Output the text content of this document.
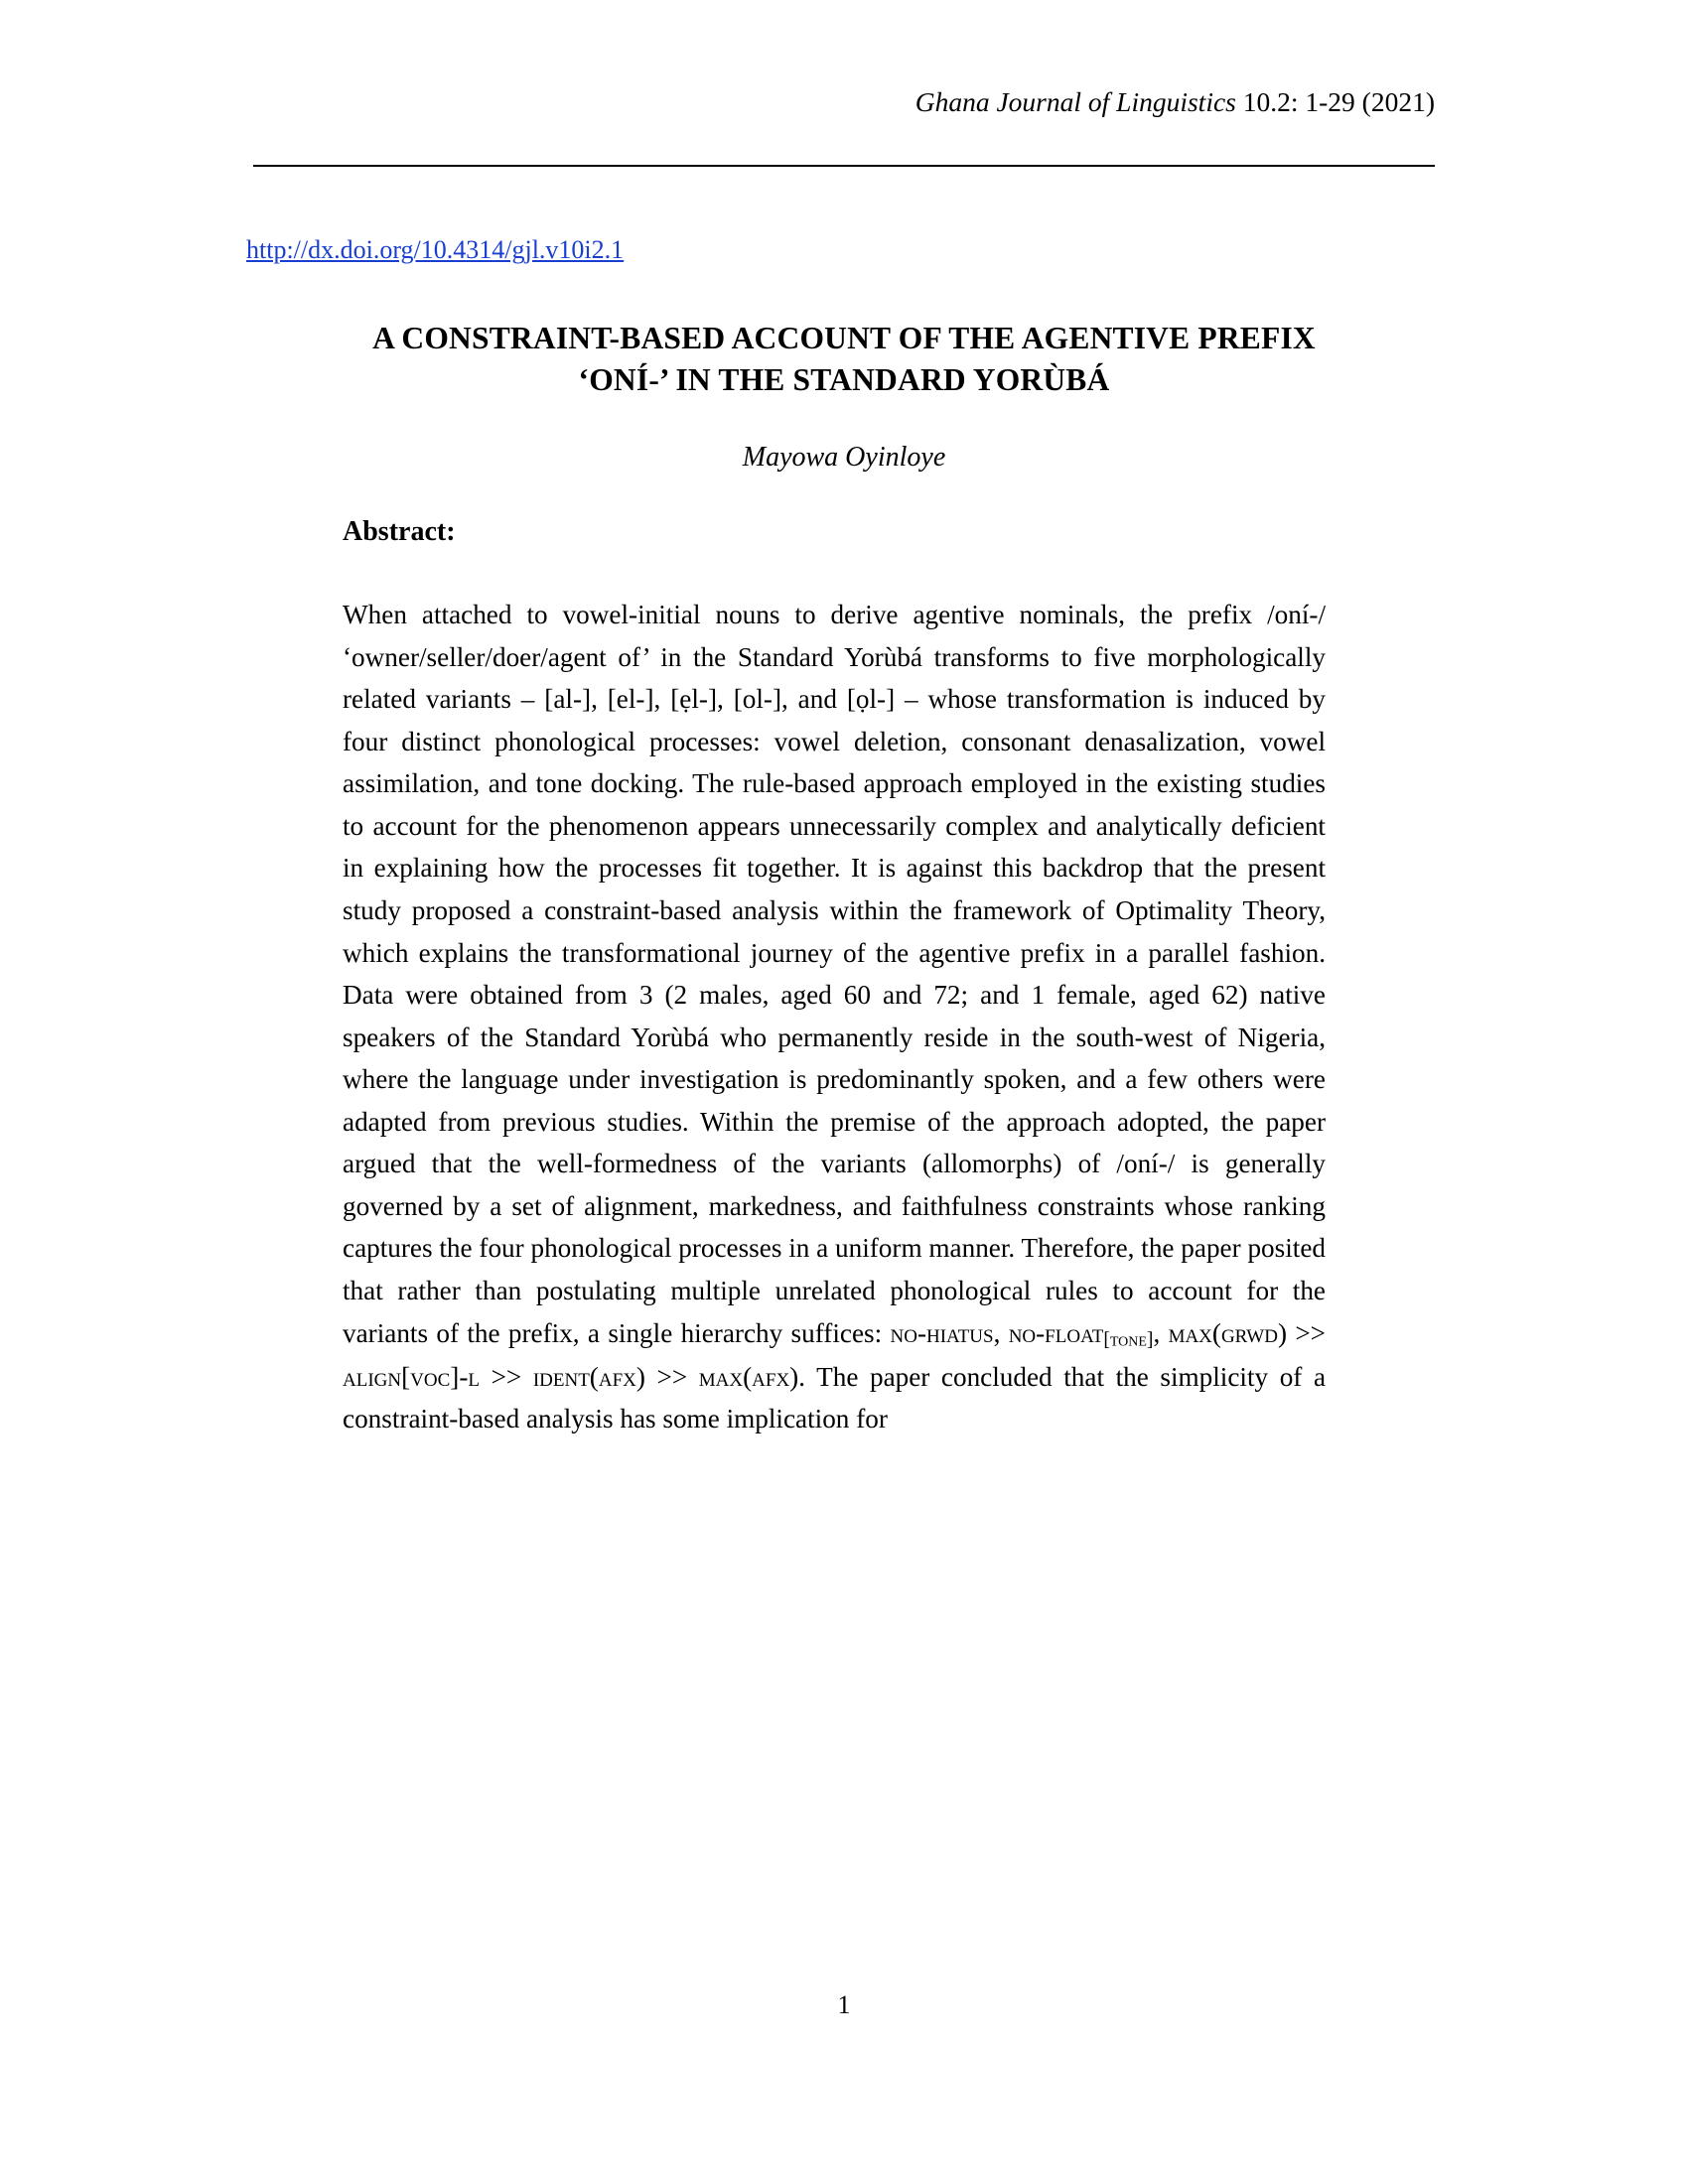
Ghana Journal of Linguistics 10.2: 1-29 (2021)
http://dx.doi.org/10.4314/gjl.v10i2.1
A CONSTRAINT-BASED ACCOUNT OF THE AGENTIVE PREFIX
‘ONÍ-’ IN THE STANDARD YORÙBÁ
Mayowa Oyinloye
Abstract:

When attached to vowel-initial nouns to derive agentive nominals, the prefix /oní-/ ‘owner/seller/doer/agent of’ in the Standard Yorùbá transforms to five morphologically related variants – [al-], [el-], [ẹl-], [ol-], and [ọl-] – whose transformation is induced by four distinct phonological processes: vowel deletion, consonant denasalization, vowel assimilation, and tone docking. The rule-based approach employed in the existing studies to account for the phenomenon appears unnecessarily complex and analytically deficient in explaining how the processes fit together. It is against this backdrop that the present study proposed a constraint-based analysis within the framework of Optimality Theory, which explains the transformational journey of the agentive prefix in a parallel fashion. Data were obtained from 3 (2 males, aged 60 and 72; and 1 female, aged 62) native speakers of the Standard Yorùbá who permanently reside in the south-west of Nigeria, where the language under investigation is predominantly spoken, and a few others were adapted from previous studies. Within the premise of the approach adopted, the paper argued that the well-formedness of the variants (allomorphs) of /oní-/ is generally governed by a set of alignment, markedness, and faithfulness constraints whose ranking captures the four phonological processes in a uniform manner. Therefore, the paper posited that rather than postulating multiple unrelated phonological rules to account for the variants of the prefix, a single hierarchy suffices: no-hiatus, no-float[tone], max(grwd) >> align[voc]-l >> ident(afx) >> max(afx). The paper concluded that the simplicity of a constraint-based analysis has some implication for

1
